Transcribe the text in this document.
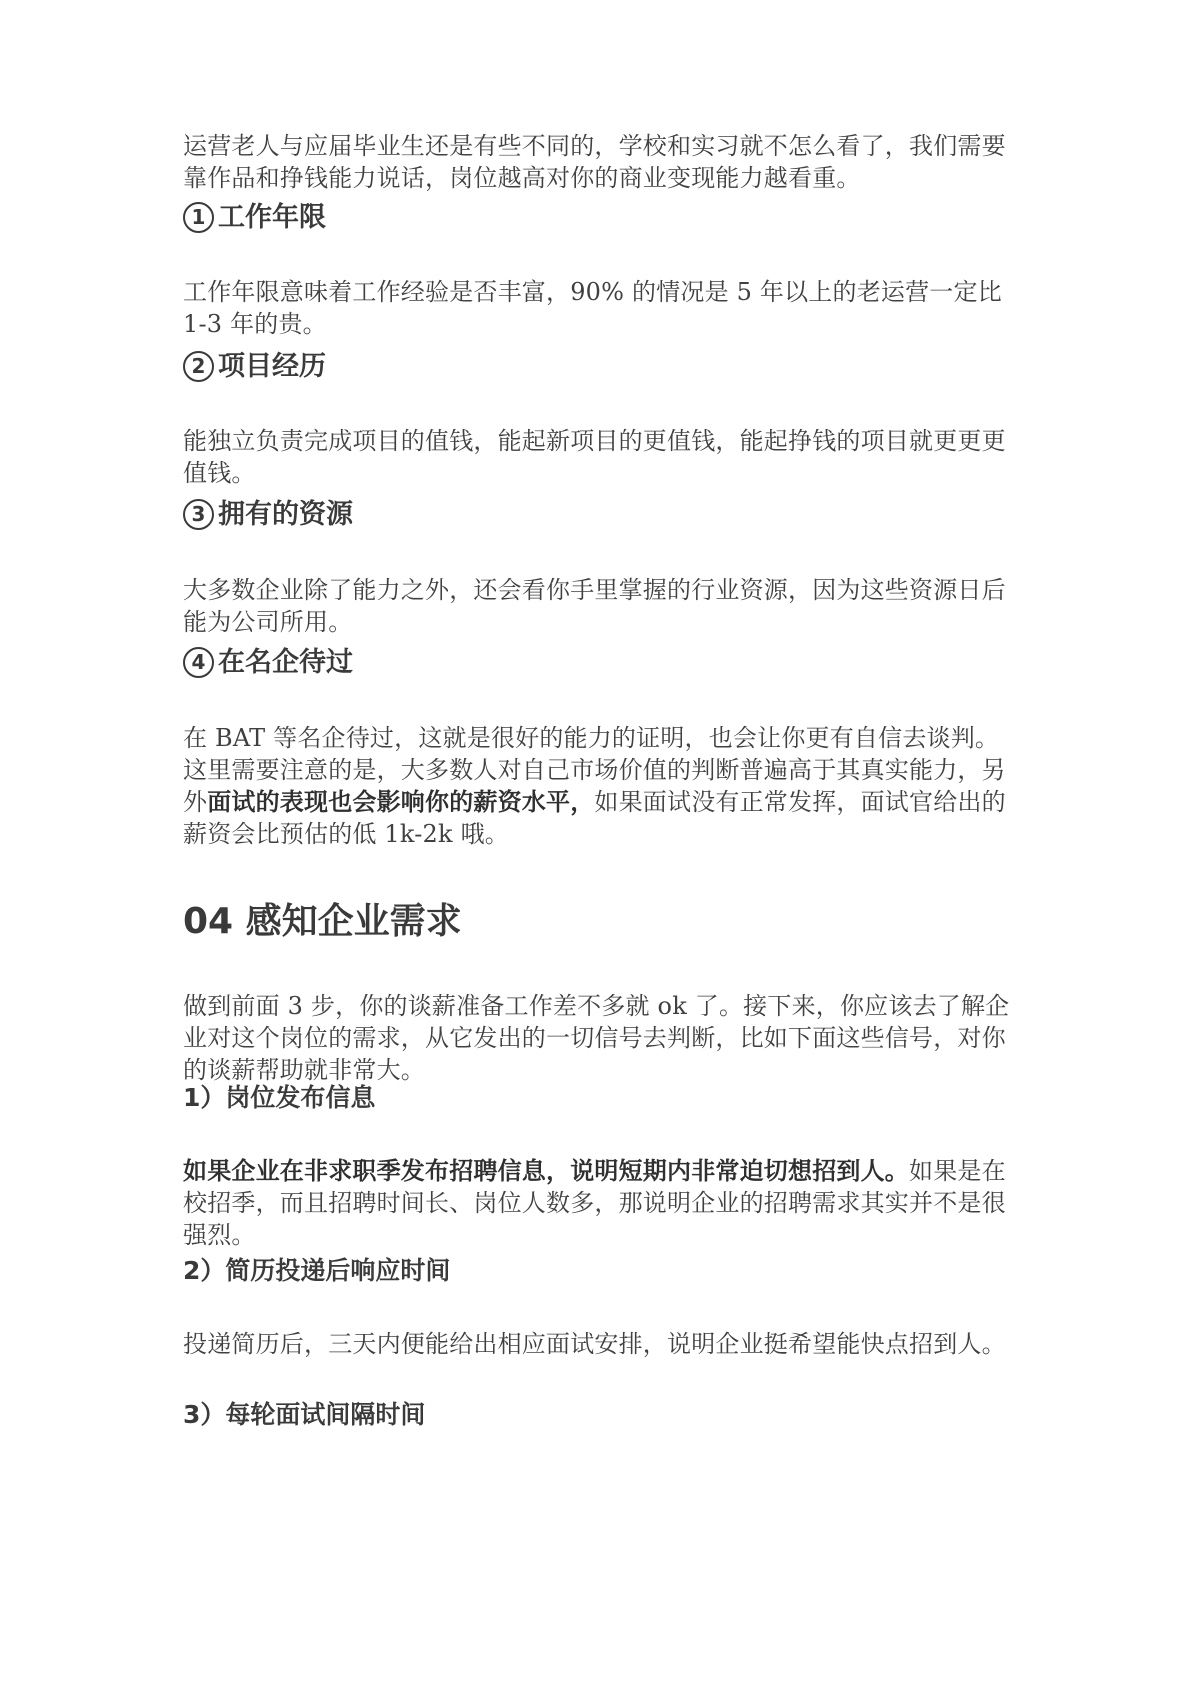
运营老人与应届毕业生还是有些不同的，学校和实习就不怎么看了，我们需要靠作品和挣钱能力说话，岗位越高对你的商业变现能力越看重。

1 工作年限

工作年限意味着工作经验是否丰富，90% 的情况是 5 年以上的老运营一定比 1-3 年的贵。

2 项目经历

能独立负责完成项目的值钱，能起新项目的更值钱，能起挣钱的项目就更更更值钱。

3 拥有的资源

大多数企业除了能力之外，还会看你手里掌握的行业资源，因为这些资源日后能为公司所用。

4 在名企待过

在 BAT 等名企待过，这就是很好的能力的证明，也会让你更有自信去谈判。

这里需要注意的是，大多数人对自己市场价值的判断普遍高于其真实能力，另外面试的表现也会影响你的薪资水平，如果面试没有正常发挥，面试官给出的薪资会比预估的低 1k-2k 哦。

04 感知企业需求

做到前面 3 步，你的谈薪准备工作差不多就 ok 了。接下来，你应该去了解企业对这个岗位的需求，从它发出的一切信号去判断，比如下面这些信号，对你的谈薪帮助就非常大。

1）岗位发布信息

如果企业在非求职季发布招聘信息，说明短期内非常迫切想招到人。如果是在校招季，而且招聘时间长、岗位人数多，那说明企业的招聘需求其实并不是很强烈。

2）简历投递后响应时间

投递简历后，三天内便能给出相应面试安排，说明企业挺希望能快点招到人。

3）每轮面试间隔时间
